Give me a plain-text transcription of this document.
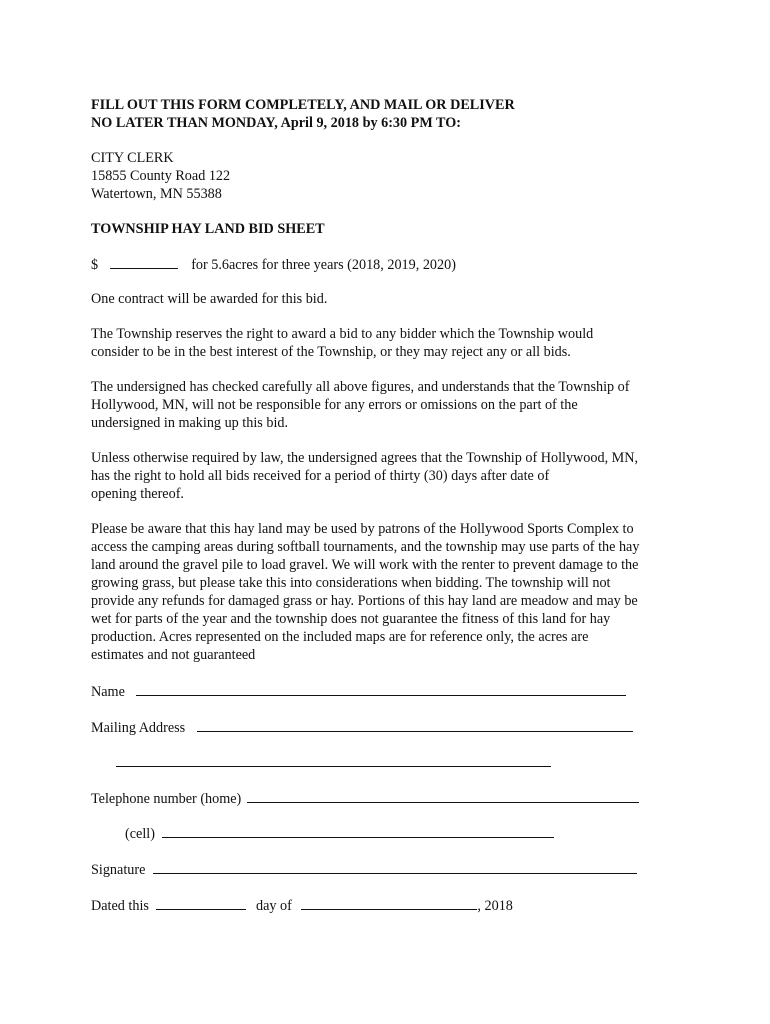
FILL OUT THIS FORM COMPLETELY, AND MAIL OR DELIVER
NO LATER THAN MONDAY, April 9, 2018 by 6:30 PM TO:
CITY CLERK
15855 County Road 122
Watertown, MN 55388
TOWNSHIP HAY LAND BID SHEET
$	for 5.6acres for three years (2018, 2019, 2020)
One contract will be awarded for this bid.
The Township reserves the right to award a bid to any bidder which the Township would
consider to be in the best interest of the Township, or they may reject any or all bids.
The undersigned has checked carefully all above figures, and understands that the Township of
Hollywood, MN, will not be responsible for any errors or omissions on the part of the
undersigned in making up this bid.
Unless otherwise required by law, the undersigned agrees that the Township of Hollywood, MN,
has the right to hold all bids received for a period of thirty (30) days after date of
opening thereof.
Please be aware that this hay land may be used by patrons of the Hollywood Sports Complex to
access the camping areas during softball tournaments, and the township may use parts of the hay
land around the gravel pile to load gravel. We will work with the renter to prevent damage to the
growing grass, but please take this into considerations when bidding. The township will not
provide any refunds for damaged grass or hay. Portions of this hay land are meadow and may be
wet for parts of the year and the township does not guarantee the fitness of this land for hay
production. Acres represented on the included maps are for reference only, the acres are
estimates and not guaranteed
Name
Mailing Address
Telephone number (home)
(cell)
Signature
Dated this	day of	, 2018
